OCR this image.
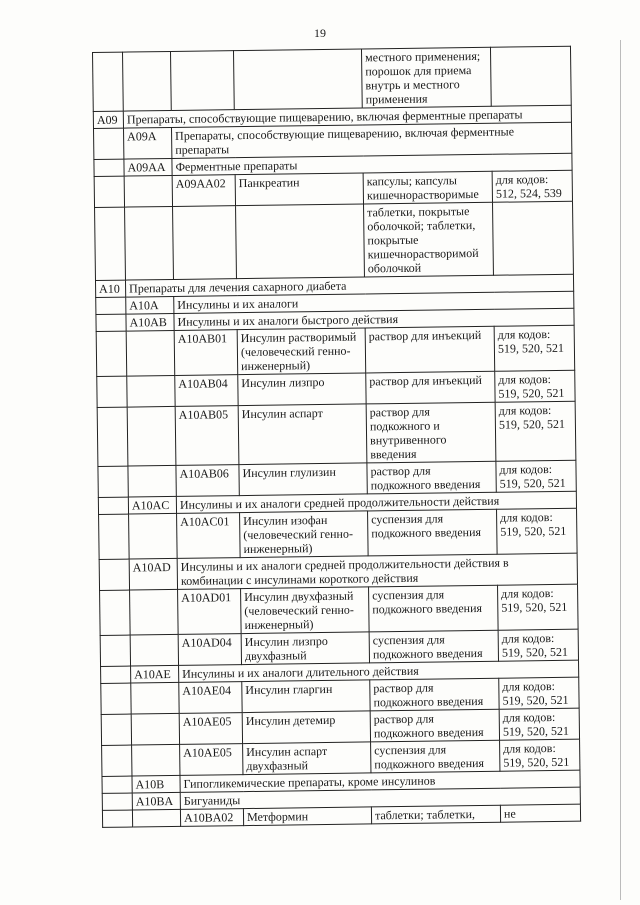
19
				местного применения; порошок для приема внутрь и местного применения	
A09	Препараты, способствующие пищеварению, включая ферментные препараты				
	A09A	Препараты, способствующие пищеварению, включая ферментные препараты			
	A09AA	Ферментные препараты			
		A09AA02	Панкреатин	капсулы; капсулы кишечнорастворимые	для кодов: 512, 524, 539
				таблетки, покрытые оболочкой; таблетки, покрытые кишечнорастворимой оболочкой	
A10	Препараты для лечения сахарного диабета				
	A10A	Инсулины и их аналоги			
	A10AB	Инсулины и их аналоги быстрого действия			
		A10AB01	Инсулин растворимый (человеческий генно-инженерный)	раствор для инъекций	для кодов: 519, 520, 521
		A10AB04	Инсулин лизпро	раствор для инъекций	для кодов: 519, 520, 521
		A10AB05	Инсулин аспарт	раствор для подкожного и внутривенного введения	для кодов: 519, 520, 521
		A10AB06	Инсулин глулизин	раствор для подкожного введения	для кодов: 519, 520, 521
	A10AC	Инсулины и их аналоги средней продолжительности действия			
		A10AC01	Инсулин изофан (человеческий генно-инженерный)	суспензия для подкожного введения	для кодов: 519, 520, 521
	A10AD	Инсулины и их аналоги средней продолжительности действия в комбинации с инсулинами короткого действия			
		A10AD01	Инсулин двухфазный (человеческий генно-инженерный)	суспензия для подкожного введения	для кодов: 519, 520, 521
		A10AD04	Инсулин лизпро двухфазный	суспензия для подкожного введения	для кодов: 519, 520, 521
	A10AE	Инсулины и их аналоги длительного действия			
		A10AE04	Инсулин гларгин	раствор для подкожного введения	для кодов: 519, 520, 521
		A10AE05	Инсулин детемир	раствор для подкожного введения	для кодов: 519, 520, 521
		A10AE05	Инсулин аспарт двухфазный	суспензия для подкожного введения	для кодов: 519, 520, 521
	A10B	Гипогликемические препараты, кроме инсулинов			
	A10BA	Бигуаниды			
		A10BA02	Метформин	таблетки; таблетки,	не
